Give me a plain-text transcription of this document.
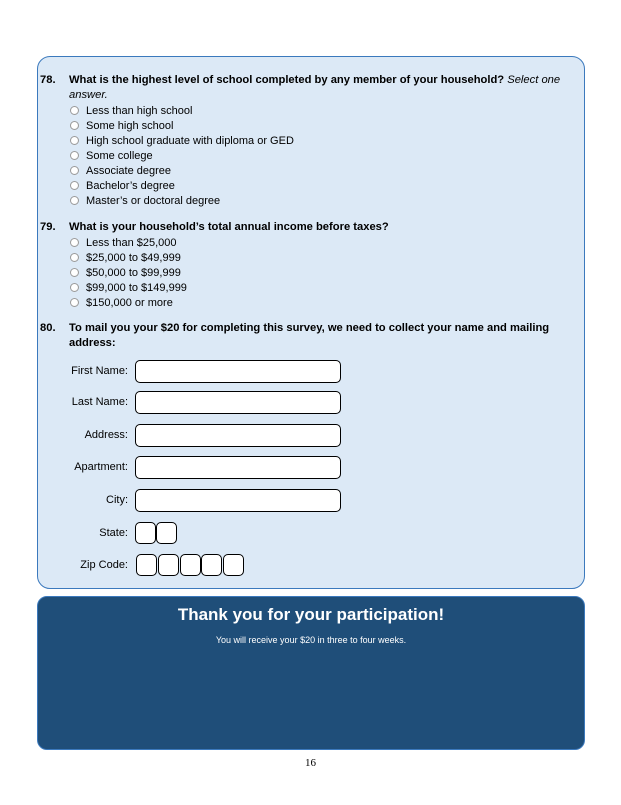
78. What is the highest level of school completed by any member of your household? Select one
answer.
Less than high school
Some high school
High school graduate with diploma or GED
Some college
Associate degree
Bachelor’s degree
Master’s or doctoral degree
79. What is your household’s total annual income before taxes?
Less than $25,000
$25,000 to $49,999
$50,000 to $99,999
$99,000 to $149,999
$150,000 or more
80. To mail you your $20 for completing this survey, we need to collect your name and mailing
address:
First Name:
Last Name:
Address:
Apartment:
City:
State:
Zip Code:
Thank you for your participation!
You will receive your $20 in three to four weeks.
16
